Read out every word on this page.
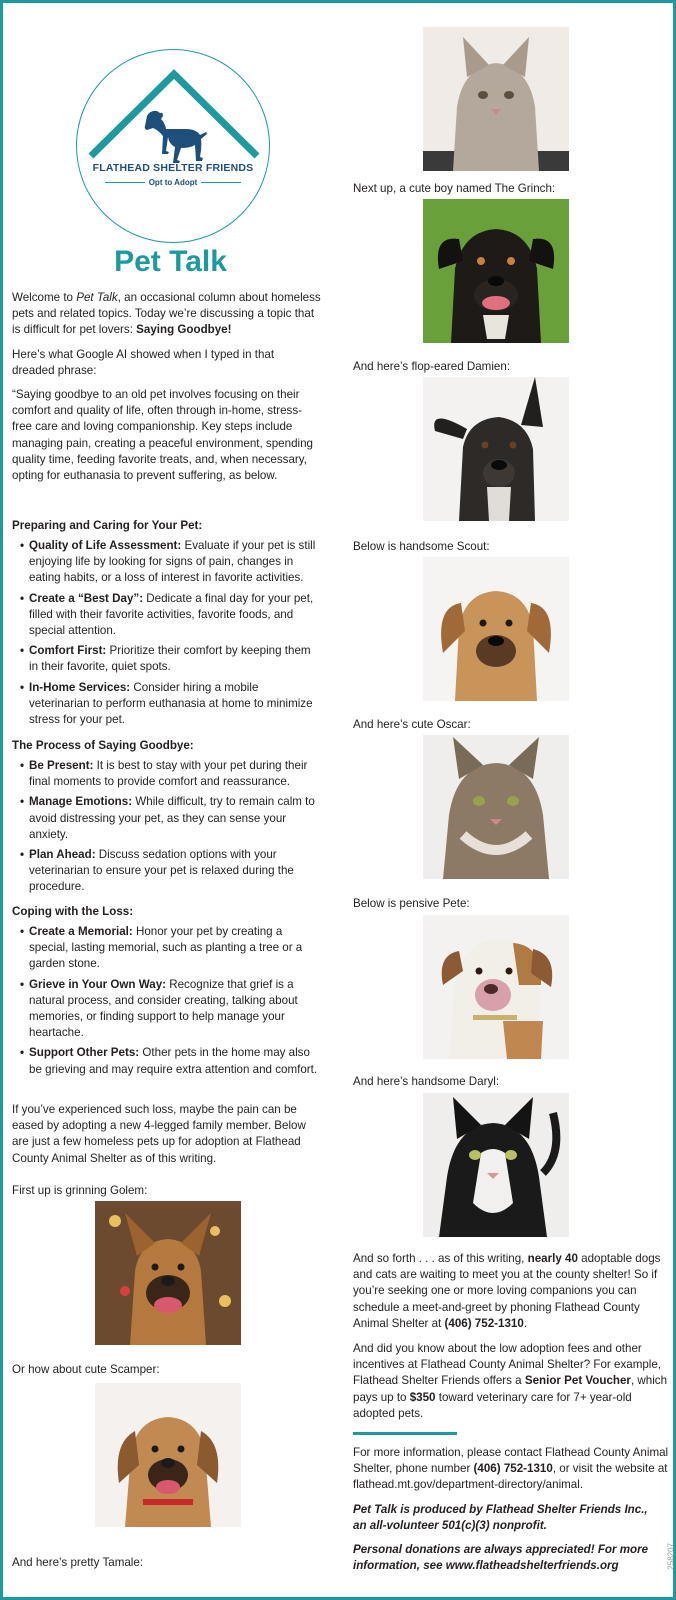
FLATHEAD SHELTER FRIENDS
Opt to Adopt
Pet Talk

Welcome to Pet Talk, an occasional column about homeless pets and related topics. Today we’re discussing a topic that is difficult for pet lovers: Saying Goodbye!

Here’s what Google AI showed when I typed in that dreaded phrase:

“Saying goodbye to an old pet involves focusing on their comfort and quality of life, often through in-home, stress-free care and loving companionship. Key steps include managing pain, creating a peaceful environment, spending quality time, feeding favorite treats, and, when necessary, opting for euthanasia to prevent suffering, as below.

Preparing and Caring for Your Pet:
• Quality of Life Assessment: Evaluate if your pet is still enjoying life by looking for signs of pain, changes in eating habits, or a loss of interest in favorite activities.
• Create a “Best Day”: Dedicate a final day for your pet, filled with their favorite activities, favorite foods, and special attention.
• Comfort First: Prioritize their comfort by keeping them in their favorite, quiet spots.
• In-Home Services: Consider hiring a mobile veterinarian to perform euthanasia at home to minimize stress for your pet.
The Process of Saying Goodbye:
• Be Present: It is best to stay with your pet during their final moments to provide comfort and reassurance.
• Manage Emotions: While difficult, try to remain calm to avoid distressing your pet, as they can sense your anxiety.
• Plan Ahead: Discuss sedation options with your veterinarian to ensure your pet is relaxed during the procedure.
Coping with the Loss:
• Create a Memorial: Honor your pet by creating a special, lasting memorial, such as planting a tree or a garden stone.
• Grieve in Your Own Way: Recognize that grief is a natural process, and consider creating, talking about memories, or finding support to help manage your heartache.
• Support Other Pets: Other pets in the home may also be grieving and may require extra attention and comfort.

If you’ve experienced such loss, maybe the pain can be eased by adopting a new 4-legged family member. Below are just a few homeless pets up for adoption at Flathead County Animal Shelter as of this writing.

First up is grinning Golem:
Or how about cute Scamper:
And here’s pretty Tamale:
Next up, a cute boy named The Grinch:
And here’s flop-eared Damien:
Below is handsome Scout:
And here’s cute Oscar:
Below is pensive Pete:
And here’s handsome Daryl:

And so forth . . . as of this writing, nearly 40 adoptable dogs and cats are waiting to meet you at the county shelter! So if you’re seeking one or more loving companions you can schedule a meet-and-greet by phoning Flathead County Animal Shelter at (406) 752-1310.

And did you know about the low adoption fees and other incentives at Flathead County Animal Shelter? For example, Flathead Shelter Friends offers a Senior Pet Voucher, which pays up to $350 toward veterinary care for 7+ year-old adopted pets.

For more information, please contact Flathead County Animal Shelter, phone number (406) 752-1310, or visit the website at flathead.mt.gov/department-directory/animal.

Pet Talk is produced by Flathead Shelter Friends Inc., an all-volunteer 501(c)(3) nonprofit.

Personal donations are always appreciated! For more information, see www.flatheadshelterfriends.org	258207
